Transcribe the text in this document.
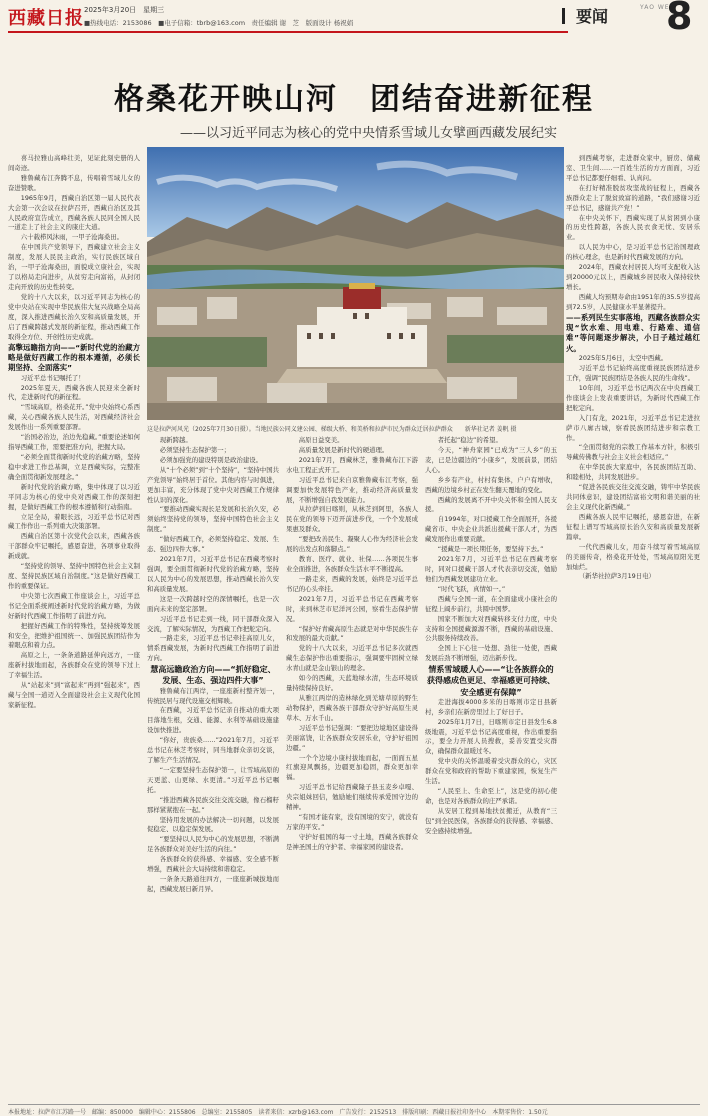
西藏日报 2025年3月20日　星期三
■热线电话：2153086　■电子信箱：tbrb@163.com　责任编辑 谢　芝　版面设计 杨祝娟	要闻	YAO WEN
8
格桑花开映山河　团结奋进新征程
——以习近平同志为核心的党中央情系雪域儿女擘画西藏发展纪实
这是拉萨河风光（2025年7月30日摄）。当地民族公同义建公园、梯级大桥、和美桥和拉萨市民为群众迁居拉萨群众　　新华社记者 姜帆 摄

喜马拉雅山高峰壮美，见证此刻史册的人间奇迹。

雅鲁藏布江奔腾不息，传唱着雪域儿女的奋进赞歌。

1965年9月，西藏自治区第一届人民代表大会第一次会议在拉萨召开，西藏自治区及其人民政府宣告成立，西藏各族人民同全国人民一道走上了社会主义的康庄大道。

六十载栉风沐雨，一甲子沧海桑田。

在中国共产党领导下，西藏建立社会主义制度，发展人民民主政治，实行民族区域自治，一甲子沧海桑田，面貌成立康社会，实现了以格局走向进步，从贫穷走向富裕，从封闭走向开放的历史性转变。

党的十八大以来，以习近平同志为核心的党中央站在实现中华民族伟大复兴战略全局高度，深入推进西藏长治久安和高质量发展，开启了西藏跨越式发展的新征程，推动西藏工作取得全方位、开创性历史成就。

高擎远瞻指方向——“新时代党的治藏方略是做好西藏工作的根本遵循，必须长期坚持、全面落实”

习近平总书记嘱托了！

2025年夏天，西藏各族人民迎来全新时代，走进新时代的新征程。

“雪域高原，格桑花开。”党中央始终心系西藏，关心西藏各族人民生活，对西藏经济社会发展作出一系列重要部署。

“治国必治边，治边先稳藏。”重要论述如何指导西藏工作，需要把准方向，把握大局。

“必须全面贯彻新时代党的治藏方略，坚持稳中求进工作总基调，立足西藏实际，完整准确全面贯彻新发展理念。”

新时代党的治藏方略，集中体现了以习近平同志为核心的党中央对西藏工作的深刻把握，是做好西藏工作的根本遵循和行动指南。

立足全局，着眼长远，习近平总书记对西藏工作作出一系列重大决策部署。

西藏自治区第十次党代会以来，西藏各族干部群众牢记嘱托，感恩奋进，各项事业取得新成就。

“坚持党的领导、坚持中国特色社会主义制度、坚持民族区域自治制度。”这是做好西藏工作的重要保证。

中央第七次西藏工作座谈会上，习近平总书记全面系统阐述新时代党的治藏方略，为做好新时代西藏工作指明了前进方向。

把握好西藏工作的特殊性，坚持统筹发展和安全，把维护祖国统一、加强民族团结作为着眼点和着力点。

高原之上，一条条道路延伸向远方，一座座新村拔地而起，各族群众在党的领导下过上了幸福生活。

从“站起来”到“富起来”再到“强起来”，西藏与全国一道迈入全面建设社会主义现代化国家新征程。

现新跨越。

必须坚持生态保护第一；

必须加强党的建设特别是政治建设。

从“十个必须”到“十个坚持”，“坚持中国共产党领导”始终居于首位。其他内容与时俱进，更加丰富，充分体现了党中央对西藏工作规律性认识的深化。

“要推动西藏实现长足发展和长治久安，必须始终坚持党的领导，坚持中国特色社会主义制度。”

“做好西藏工作，必须坚持稳定、发展、生态、强边四件大事。”

2021年7月，习近平总书记在西藏考察时强调，要全面贯彻新时代党的治藏方略，坚持以人民为中心的发展思想，推动西藏长治久安和高质量发展。

这是一次跨越时空的深情嘱托，也是一次面向未来的坚定部署。

习近平总书记走到一线，同干部群众深入交流，了解实际情况，为西藏工作把舵定向。

一路走来，习近平总书记牵挂高原儿女，情系西藏发展，为新时代西藏工作指明了前进方向。

慧高远瞻政治方向——“抓好稳定、发展、生态、强边四件大事”

雅鲁藏布江两岸，一座座新村整齐划一，传统民居与现代设施交相辉映。

在西藏，习近平总书记亲自推动的重大项目落地生根，交通、能源、水利等基础设施建设加快推进。

“你好，贵族桑……”2021年7月，习近平总书记在林芝考察时，同当地群众亲切交谈，了解生产生活情况。

“一定要坚持生态保护第一，让雪域高原的天更蓝、山更绿、水更清。”习近平总书记嘱托。

“推进西藏各民族交往交流交融，像石榴籽那样紧紧抱在一起。”

坚持用发展的办法解决一切问题，以发展促稳定、以稳定保发展。

“要坚持以人民为中心的发展思想，不断满足各族群众对美好生活的向往。”

各族群众的获得感、幸福感、安全感不断增强，西藏社会大局持续和谐稳定。

一条条天路通往四方，一座座新城拔地而起，西藏发展日新月异。

高原日益变美。

高质量发展是新时代的硬道理。

2021年7月，西藏林芝，雅鲁藏布江下游水电工程正式开工。

习近平总书记来自京雅鲁藏布江考察，强调要加快发展特色产业，推动经济高质量发展，不断增强自我发展能力。

从拉萨到日喀则，从林芝到阿里，各族人民在党的领导下迈开前进步伐，一个个发展成果惠及群众。

“要把改善民生、凝聚人心作为经济社会发展的出发点和落脚点。”

教育、医疗、就业、社保……各项民生事业全面推进，各族群众生活水平不断提高。

一路走来，西藏的发展，始终是习近平总书记的心头牵挂。

2021年7月，习近平总书记在西藏考察时，来到林芝市尼洋河公园，察看生态保护情况。

“保护好青藏高原生态就是对中华民族生存和发展的最大贡献。”

党的十八大以来，习近平总书记多次就西藏生态保护作出重要指示，强调要牢固树立绿水青山就是金山银山的理念。

如今的西藏，天蓝地绿水清，生态环境质量持续保持良好。

从雅江两岸的造林绿化到羌塘草原的野生动物保护，西藏各族干部群众守护好高原生灵草木、万水千山。

习近平总书记强调：“要把边境地区建设得美丽富饶，让各族群众安居乐业，守护好祖国边疆。”

一个个边境小康村拔地而起，一面面五星红旗迎风飘扬，边疆更加稳固，群众更加幸福。

习近平总书记给西藏隆子县玉麦乡卓嘎、央宗姐妹回信，勉励她们继续传承爱国守边的精神。

“有国才能有家，没有国境的安宁，就没有万家的平安。”

守护好祖国的每一寸土地，西藏各族群众是神圣国土的守护者、幸福家园的建设者。

者托起“稳边”的希望。

今天，“神舟家园”已成为“三人乡”的玉麦，已是边疆边的“小康乡”，发展前景，团结人心。

乡乡有产业，村村有集体，户户有增收，西藏的边境乡村正在发生翻天覆地的变化。

西藏的发展离不开中央关怀和全国人民支援。

自1994年，对口援藏工作全面展开，各援藏省市、中央企业共派出援藏干部人才，为西藏发展作出重要贡献。

“援藏是一项长期任务，要坚持下去。”

2021年7月，习近平总书记在西藏考察时，同对口援藏干部人才代表亲切交流，勉励他们为西藏发展建功立业。

“时代飞跃，真情如一。”

西藏与全国一道，在全面建成小康社会的征程上阔步前行，共圆中国梦。

国家不断加大对西藏转移支付力度，中央支持和全国援藏源源不断，西藏的基础设施、公共服务持续改善。

全国上下心往一处想、劲往一处使，西藏发展后劲不断增强，迈出新步伐。

情系雪域暖人心——“让各族群众的获得感成色更足、幸福感更可持续、安全感更有保障”

走进海拔4000多米的日喀则市定日县新村，乡亲们在新房里过上了好日子。

2025年1月7日，日喀则市定日县发生6.8级地震，习近平总书记高度重视，作出重要指示，要全力开展人员搜救，妥善安置受灾群众，确保群众温暖过冬。

党中央的关怀温暖着受灾群众的心，灾区群众在党和政府的帮助下重建家园，恢复生产生活。

“人民至上、生命至上”，这是党的初心使命，也是对各族群众的庄严承诺。

从安居工程到易地扶贫搬迁，从教育“三包”到全民医保，各族群众的获得感、幸福感、安全感持续增强。

到西藏考察，走进群众家中，厨房、储藏室、卫生间……一百姓生活的方方面面，习近平总书记都要仔细看、认真问。

在打好精准脱贫攻坚战的征程上，西藏各族群众走上了脱贫致富的道路，“我们感谢习近平总书记，感谢共产党！”

在中央关怀下，西藏实现了从贫困到小康的历史性跨越，各族人民衣食无忧、安居乐业。

以人民为中心，是习近平总书记治国理政的核心理念，也是新时代西藏发展的方向。

2024年，西藏农村居民人均可支配收入达到20000元以上，西藏城乡居民收入保持较快增长。

西藏人均预期寿命由1951年的35.5岁提高到72.5岁，人民健康水平显著提升。

——系列民生实事落地，西藏各族群众实现“饮水难、用电难、行路难、通信难”等问题逐步解决，小日子越过越红火。

2025年5月6日，太空中西藏。

习近平总书记始终高度重视民族团结进步工作，强调“民族团结是各族人民的生命线”。

10年间，习近平总书记两次在中央西藏工作座谈会上发表重要讲话，为新时代西藏工作把舵定向。

入门有龙，2021年，习近平总书记走进拉萨市八廓古城，察看民族团结进步和宗教工作。

“全面贯彻党的宗教工作基本方针，积极引导藏传佛教与社会主义社会相适应。”

在中华民族大家庭中，各民族团结互助、和睦相处，共同发展进步。

“促进各民族交往交流交融，铸牢中华民族共同体意识，建设团结富裕文明和谐美丽的社会主义现代化新西藏。”

西藏各族人民牢记嘱托，感恩奋进，在新征程上谱写雪域高原长治久安和高质量发展新篇章。

一代代西藏儿女，用奋斗续写着雪域高原的美丽传奇，格桑花开处处，雪域高原阳光更加灿烂。

（新华社拉萨3月19日电）

本报地址：拉萨市江苏路一号　邮编：850000　编辑中心：2155806　总编室：2155805　读者来信：xzrb@163.com　广告发行：2152513　排版印刷：西藏日报社印务中心　本期零售价：1.50元
